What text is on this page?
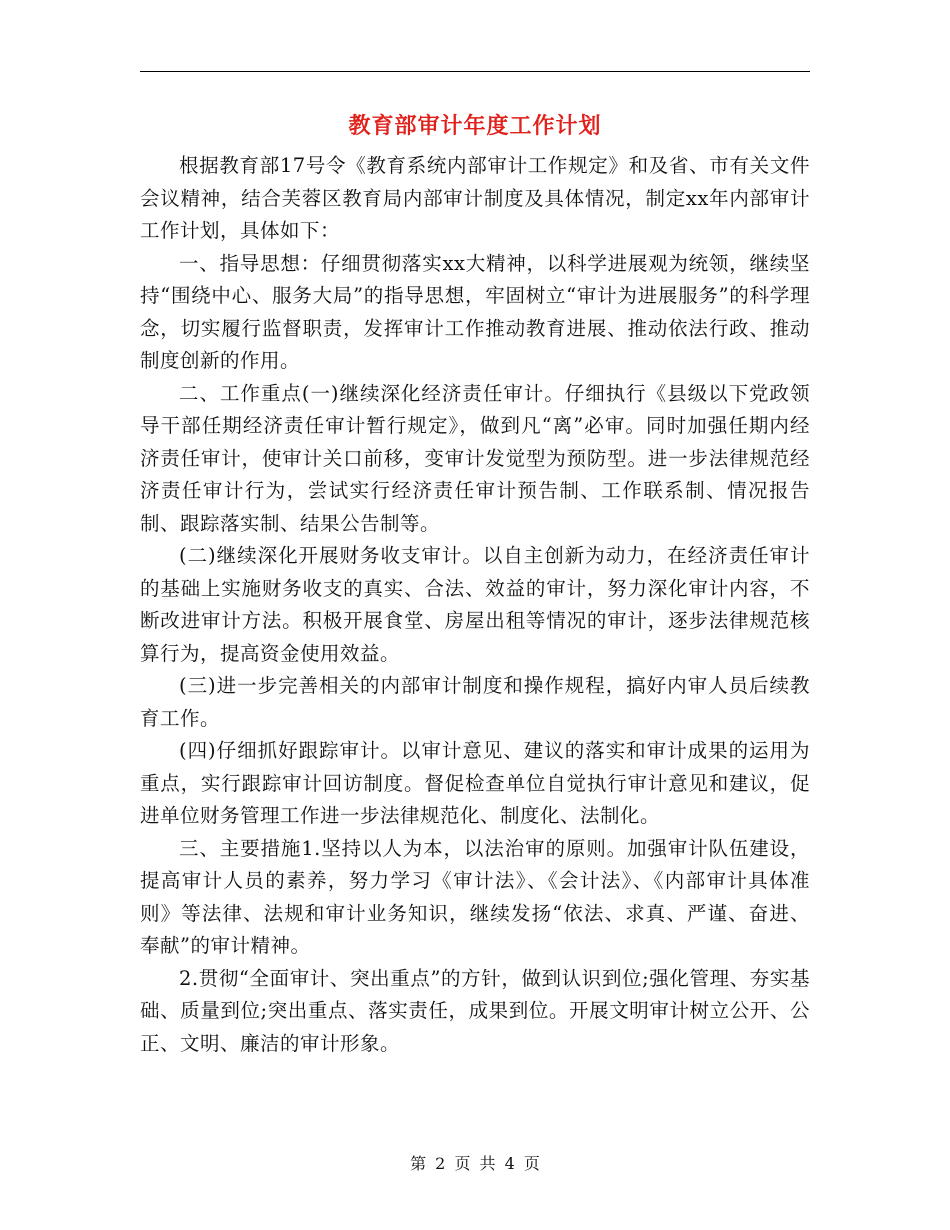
教育部审计年度工作计划

根据教育部17号令《教育系统内部审计工作规定》和及省、市有关文件会议精神，结合芙蓉区教育局内部审计制度及具体情况，制定xx年内部审计工作计划，具体如下：

一、指导思想：仔细贯彻落实xx大精神，以科学进展观为统领，继续坚持“围绕中心、服务大局”的指导思想，牢固树立“审计为进展服务”的科学理念，切实履行监督职责，发挥审计工作推动教育进展、推动依法行政、推动制度创新的作用。

二、工作重点(一)继续深化经济责任审计。仔细执行《县级以下党政领导干部任期经济责任审计暂行规定》，做到凡“离”必审。同时加强任期内经济责任审计，使审计关口前移，变审计发觉型为预防型。进一步法律规范经济责任审计行为，尝试实行经济责任审计预告制、工作联系制、情况报告制、跟踪落实制、结果公告制等。

(二)继续深化开展财务收支审计。以自主创新为动力，在经济责任审计的基础上实施财务收支的真实、合法、效益的审计，努力深化审计内容，不断改进审计方法。积极开展食堂、房屋出租等情况的审计，逐步法律规范核算行为，提高资金使用效益。

(三)进一步完善相关的内部审计制度和操作规程，搞好内审人员后续教育工作。

(四)仔细抓好跟踪审计。以审计意见、建议的落实和审计成果的运用为重点，实行跟踪审计回访制度。督促检查单位自觉执行审计意见和建议，促进单位财务管理工作进一步法律规范化、制度化、法制化。

三、主要措施1.坚持以人为本，以法治审的原则。加强审计队伍建设，提高审计人员的素养，努力学习《审计法》、《会计法》、《内部审计具体准则》等法律、法规和审计业务知识，继续发扬“依法、求真、严谨、奋进、奉献”的审计精神。

2.贯彻“全面审计、突出重点”的方针，做到认识到位;强化管理、夯实基础、质量到位;突出重点、落实责任，成果到位。开展文明审计树立公开、公正、文明、廉洁的审计形象。

第 2 页 共 4 页
